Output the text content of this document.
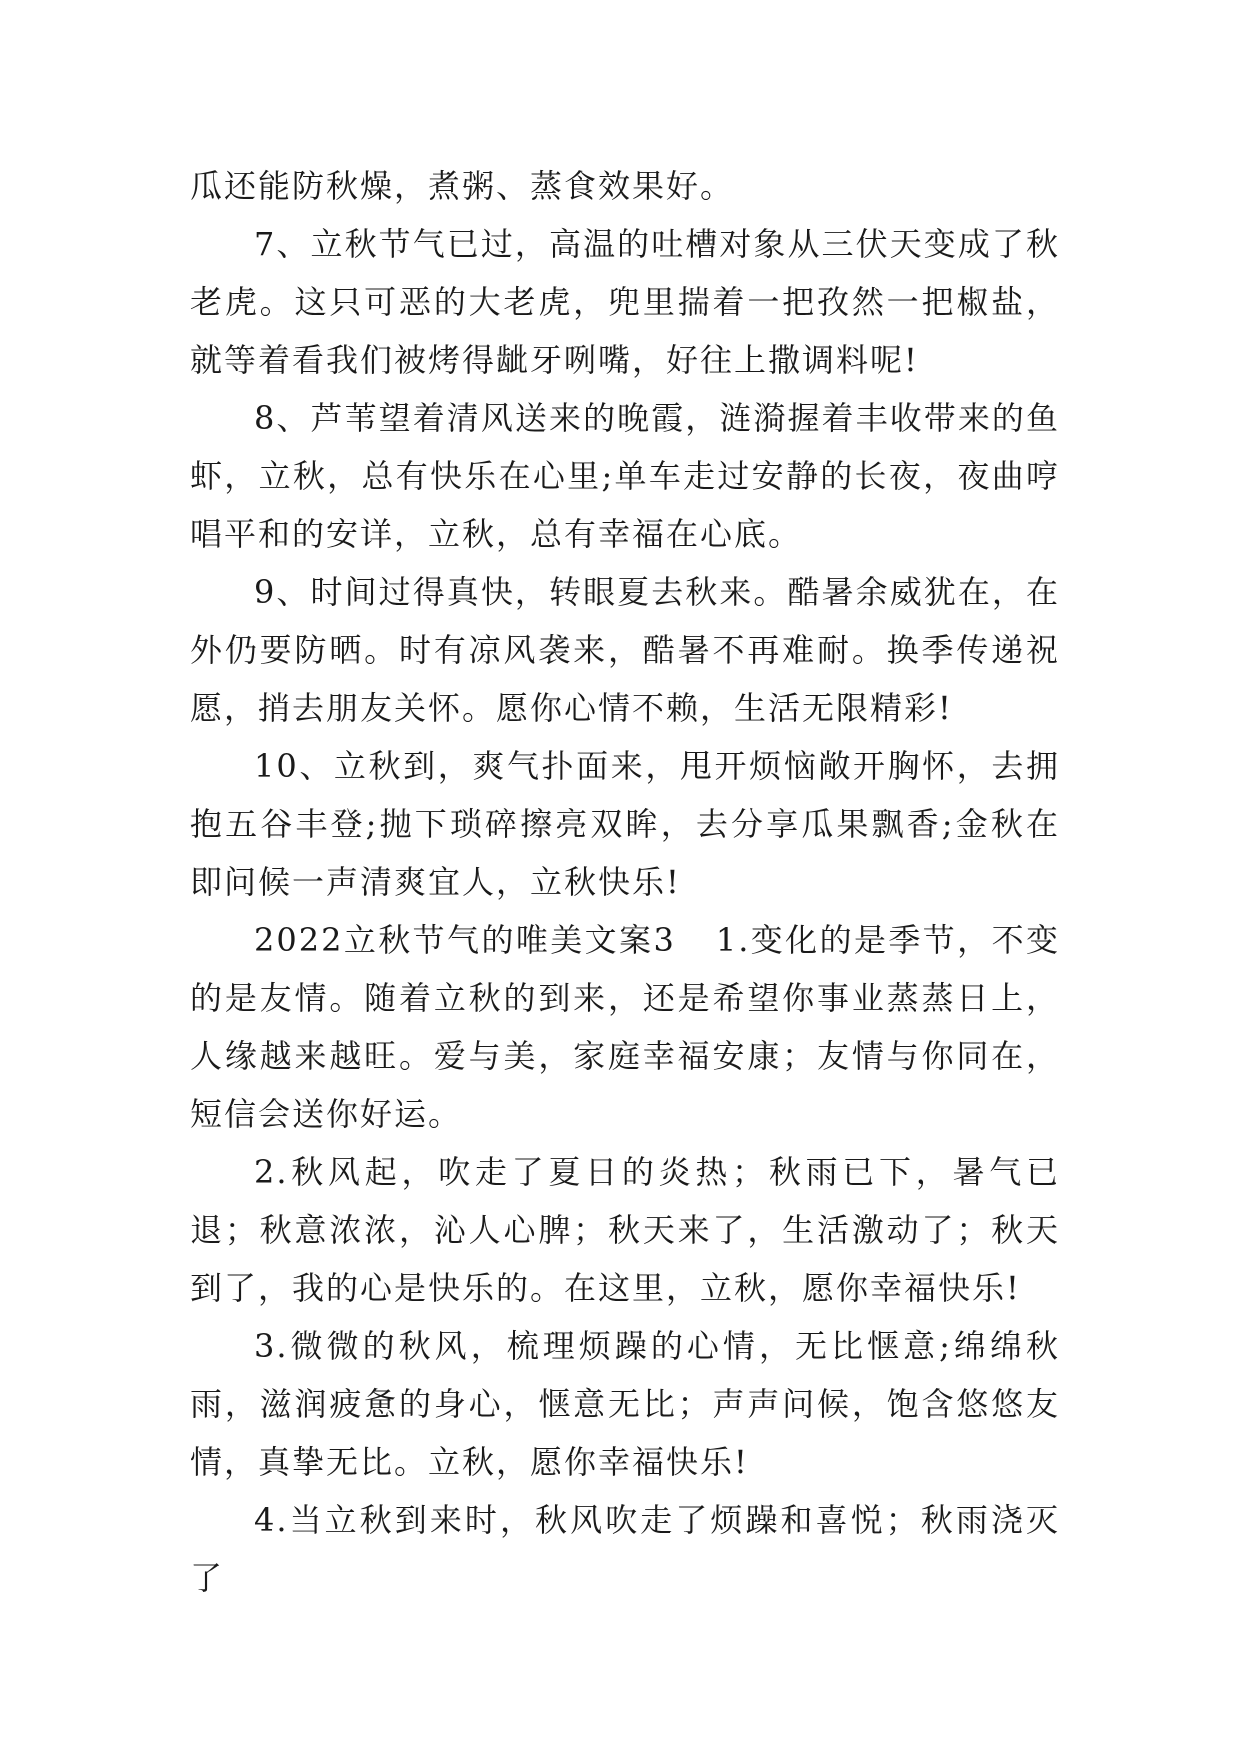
瓜还能防秋燥，煮粥、蒸食效果好。

7、立秋节气已过，高温的吐槽对象从三伏天变成了秋老虎。这只可恶的大老虎，兜里揣着一把孜然一把椒盐，就等着看我们被烤得龇牙咧嘴，好往上撒调料呢!

8、芦苇望着清风送来的晚霞，涟漪握着丰收带来的鱼虾，立秋，总有快乐在心里;单车走过安静的长夜，夜曲哼唱平和的安详，立秋，总有幸福在心底。

9、时间过得真快，转眼夏去秋来。酷暑余威犹在，在外仍要防晒。时有凉风袭来，酷暑不再难耐。换季传递祝愿，捎去朋友关怀。愿你心情不赖，生活无限精彩!

10、立秋到，爽气扑面来，甩开烦恼敞开胸怀，去拥抱五谷丰登;抛下琐碎擦亮双眸，去分享瓜果飘香;金秋在即问候一声清爽宜人，立秋快乐!

2022立秋节气的唯美文案3 1.变化的是季节，不变的是友情。随着立秋的到来，还是希望你事业蒸蒸日上，人缘越来越旺。爱与美，家庭幸福安康；友情与你同在，短信会送你好运。

2.秋风起，吹走了夏日的炎热；秋雨已下，暑气已退；秋意浓浓，沁人心脾；秋天来了，生活激动了；秋天到了，我的心是快乐的。在这里，立秋，愿你幸福快乐!

3.微微的秋风，梳理烦躁的心情，无比惬意;绵绵秋雨，滋润疲惫的身心，惬意无比；声声问候，饱含悠悠友情，真挚无比。立秋，愿你幸福快乐!

4.当立秋到来时，秋风吹走了烦躁和喜悦；秋雨浇灭了
